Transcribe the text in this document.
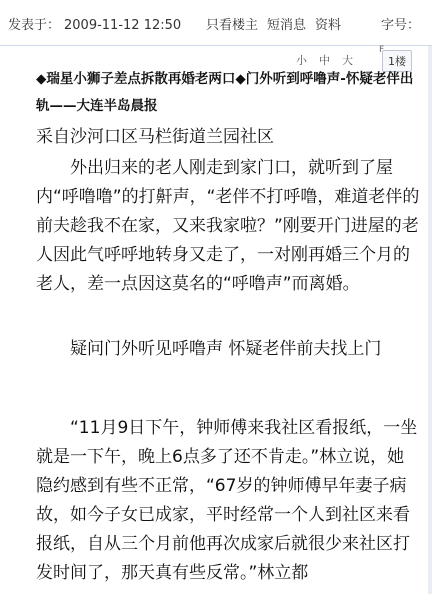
发表于： 2009-11-12 12:50 只看楼主 短消息 资料	字号：
小 中 大
F
1楼
◆瑞星小狮子差点拆散再婚老两口◆门外听到呼噜声-怀疑老伴出轨——大连半岛晨报
采自沙河口区马栏街道兰园社区
外出归来的老人刚走到家门口，就听到了屋内“呼噜噜”的打鼾声，“老伴不打呼噜，难道老伴的前夫趁我不在家，又来我家啦？”刚要开门进屋的老人因此气呼呼地转身又走了，一对刚再婚三个月的老人，差一点因这莫名的“呼噜声”而离婚。
疑问门外听见呼噜声 怀疑老伴前夫找上门
“11月9日下午，钟师傅来我社区看报纸，一坐就是一下午，晚上6点多了还不肯走。”林立说，她隐约感到有些不正常，“67岁的钟师傅早年妻子病故，如今子女已成家，平时经常一个人到社区来看报纸，自从三个月前他再次成家后就很少来社区打发时间了，那天真有些反常。”林立都
